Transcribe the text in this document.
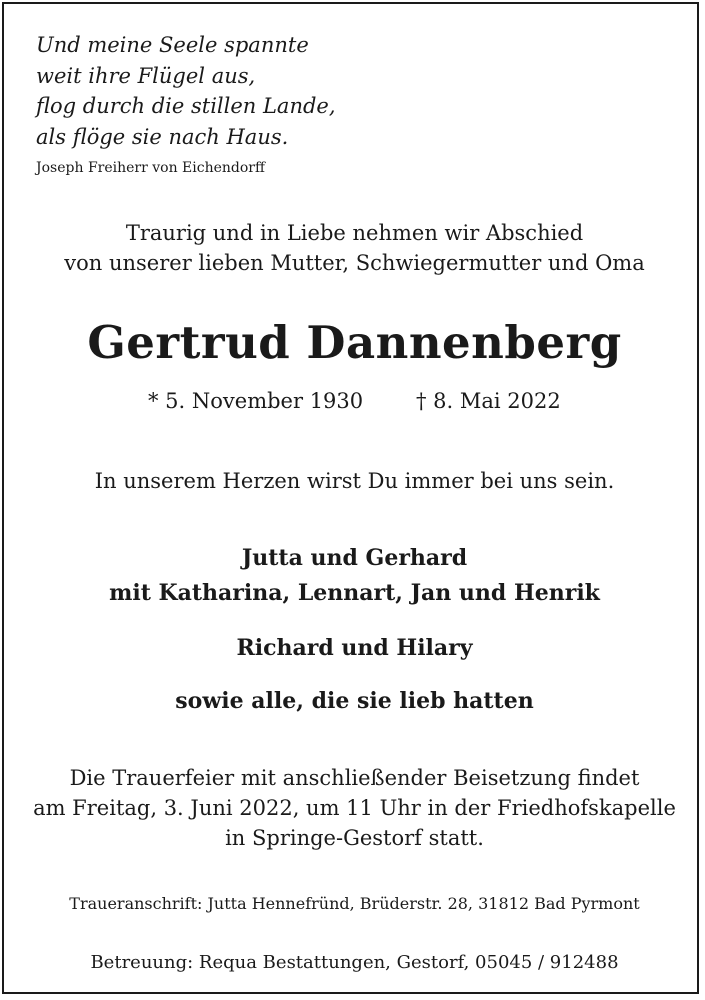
Und meine Seele spannte
weit ihre Flügel aus,
flog durch die stillen Lande,
als flöge sie nach Haus.
Joseph Freiherr von Eichendorff
Traurig und in Liebe nehmen wir Abschied
von unserer lieben Mutter, Schwiegermutter und Oma
Gertrud Dannenberg
* 5. November 1930	† 8. Mai 2022
In unserem Herzen wirst Du immer bei uns sein.
Jutta und Gerhard
mit Katharina, Lennart, Jan und Henrik
Richard und Hilary
sowie alle, die sie lieb hatten
Die Trauerfeier mit anschließender Beisetzung findet
am Freitag, 3. Juni 2022, um 11 Uhr in der Friedhofskapelle
in Springe-Gestorf statt.
Traueranschrift: Jutta Hennefründ, Brüderstr. 28, 31812 Bad Pyrmont
Betreuung: Requa Bestattungen, Gestorf, 05045 / 912488
